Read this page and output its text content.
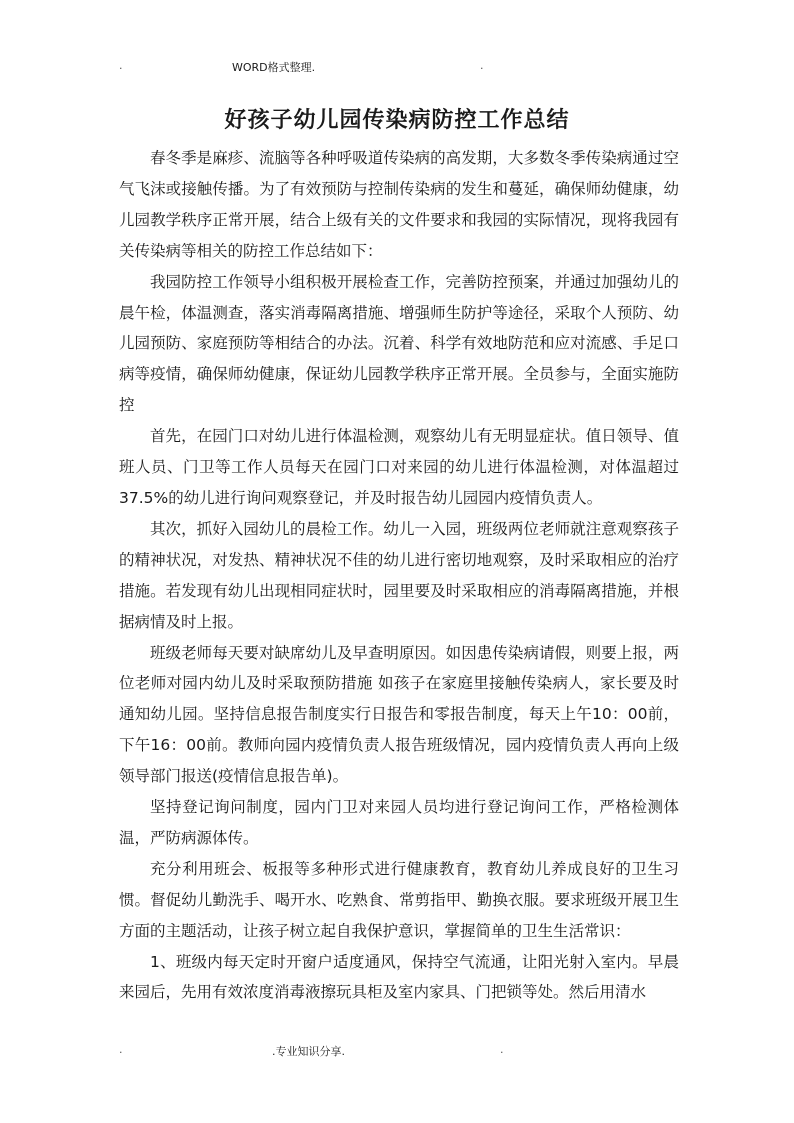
.	WORD格式整理.	.
好孩子幼儿园传染病防控工作总结

春冬季是麻疹、流脑等各种呼吸道传染病的高发期，大多数冬季传染病通过空气飞沫或接触传播。为了有效预防与控制传染病的发生和蔓延，确保师幼健康，幼儿园教学秩序正常开展，结合上级有关的文件要求和我园的实际情况，现将我园有关传染病等相关的防控工作总结如下：

我园防控工作领导小组积极开展检查工作，完善防控预案，并通过加强幼儿的晨午检，体温测查，落实消毒隔离措施、增强师生防护等途径，采取个人预防、幼儿园预防、家庭预防等相结合的办法。沉着、科学有效地防范和应对流感、手足口病等疫情，确保师幼健康，保证幼儿园教学秩序正常开展。全员参与，全面实施防控

首先，在园门口对幼儿进行体温检测，观察幼儿有无明显症状。值日领导、值班人员、门卫等工作人员每天在园门口对来园的幼儿进行体温检测，对体温超过37.5%的幼儿进行询问观察登记，并及时报告幼儿园园内疫情负责人。

其次，抓好入园幼儿的晨检工作。幼儿一入园，班级两位老师就注意观察孩子的精神状况，对发热、精神状况不佳的幼儿进行密切地观察，及时采取相应的治疗措施。若发现有幼儿出现相同症状时，园里要及时采取相应的消毒隔离措施，并根据病情及时上报。

班级老师每天要对缺席幼儿及早查明原因。如因患传染病请假，则要上报，两位老师对园内幼儿及时采取预防措施 如孩子在家庭里接触传染病人，家长要及时通知幼儿园。坚持信息报告制度实行日报告和零报告制度，每天上午10：00前，下午16：00前。教师向园内疫情负责人报告班级情况，园内疫情负责人再向上级领导部门报送(疫情信息报告单)。

坚持登记询问制度，园内门卫对来园人员均进行登记询问工作，严格检测体温，严防病源体传。

充分利用班会、板报等多种形式进行健康教育，教育幼儿养成良好的卫生习惯。督促幼儿勤洗手、喝开水、吃熟食、常剪指甲、勤换衣服。要求班级开展卫生方面的主题活动，让孩子树立起自我保护意识，掌握简单的卫生生活常识：

1、班级内每天定时开窗户适度通风，保持空气流通，让阳光射入室内。早晨来园后，先用有效浓度消毒液擦玩具柜及室内家具、门把锁等处。然后用清水

.	.专业知识分享.	.
